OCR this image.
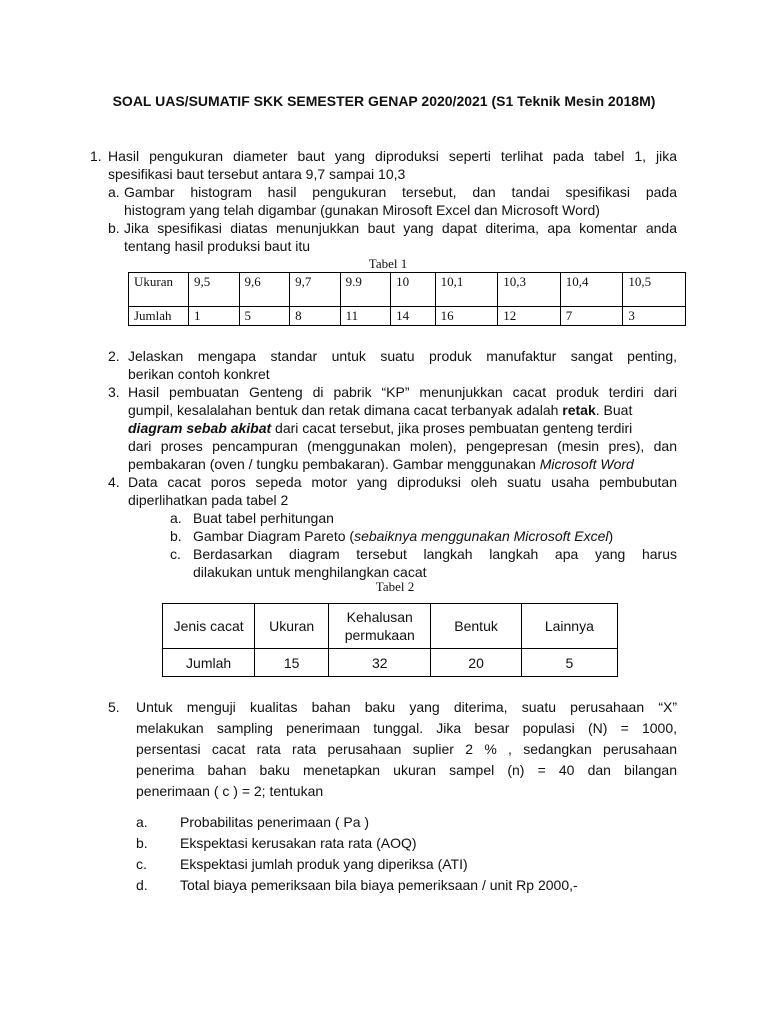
SOAL UAS/SUMATIF SKK SEMESTER GENAP 2020/2021 (S1 Teknik Mesin 2018M)
1. Hasil pengukuran diameter baut yang diproduksi seperti terlihat pada tabel 1, jika
spesifikasi baut tersebut antara 9,7 sampai 10,3
a. Gambar histogram hasil pengukuran tersebut, dan tandai spesifikasi pada
histogram yang telah digambar (gunakan Mirosoft Excel dan Microsoft Word)
b. Jika spesifikasi diatas menunjukkan baut yang dapat diterima, apa komentar anda
tentang hasil produksi baut itu
Tabel 1
Ukuran	9,5	9,6	9,7	9.9	10	10,1	10,3	10,4	10,5
Jumlah	1	5	8	11	14	16	12	7	3
2. Jelaskan mengapa standar untuk suatu produk manufaktur sangat penting,
berikan contoh konkret
3. Hasil pembuatan Genteng di pabrik “KP” menunjukkan cacat produk terdiri dari
gumpil, kesalalahan bentuk dan retak dimana cacat terbanyak adalah retak. Buat
diagram sebab akibat dari cacat tersebut, jika proses pembuatan genteng terdiri
dari proses pencampuran (menggunakan molen), pengepresan (mesin pres), dan
pembakaran (oven / tungku pembakaran). Gambar menggunakan Microsoft Word
4. Data cacat poros sepeda motor yang diproduksi oleh suatu usaha pembubutan
diperlihatkan pada tabel 2
a. Buat tabel perhitungan
b. Gambar Diagram Pareto (sebaiknya menggunakan Microsoft Excel)
c. Berdasarkan diagram tersebut langkah langkah apa yang harus
dilakukan untuk menghilangkan cacat
Tabel 2
Jenis cacat	Ukuran	Kehalusan permukaan	Bentuk	Lainnya
Jumlah	15	32	20	5
5. Untuk menguji kualitas bahan baku yang diterima, suatu perusahaan “X”
melakukan sampling penerimaan tunggal. Jika besar populasi (N) = 1000,
persentasi cacat rata rata perusahaan suplier 2 % , sedangkan perusahaan
penerima bahan baku menetapkan ukuran sampel (n) = 40 dan bilangan
penerimaan ( c ) = 2; tentukan
a. Probabilitas penerimaan ( Pa )
b. Ekspektasi kerusakan rata rata (AOQ)
c. Ekspektasi jumlah produk yang diperiksa (ATI)
d. Total biaya pemeriksaan bila biaya pemeriksaan / unit Rp 2000,-
